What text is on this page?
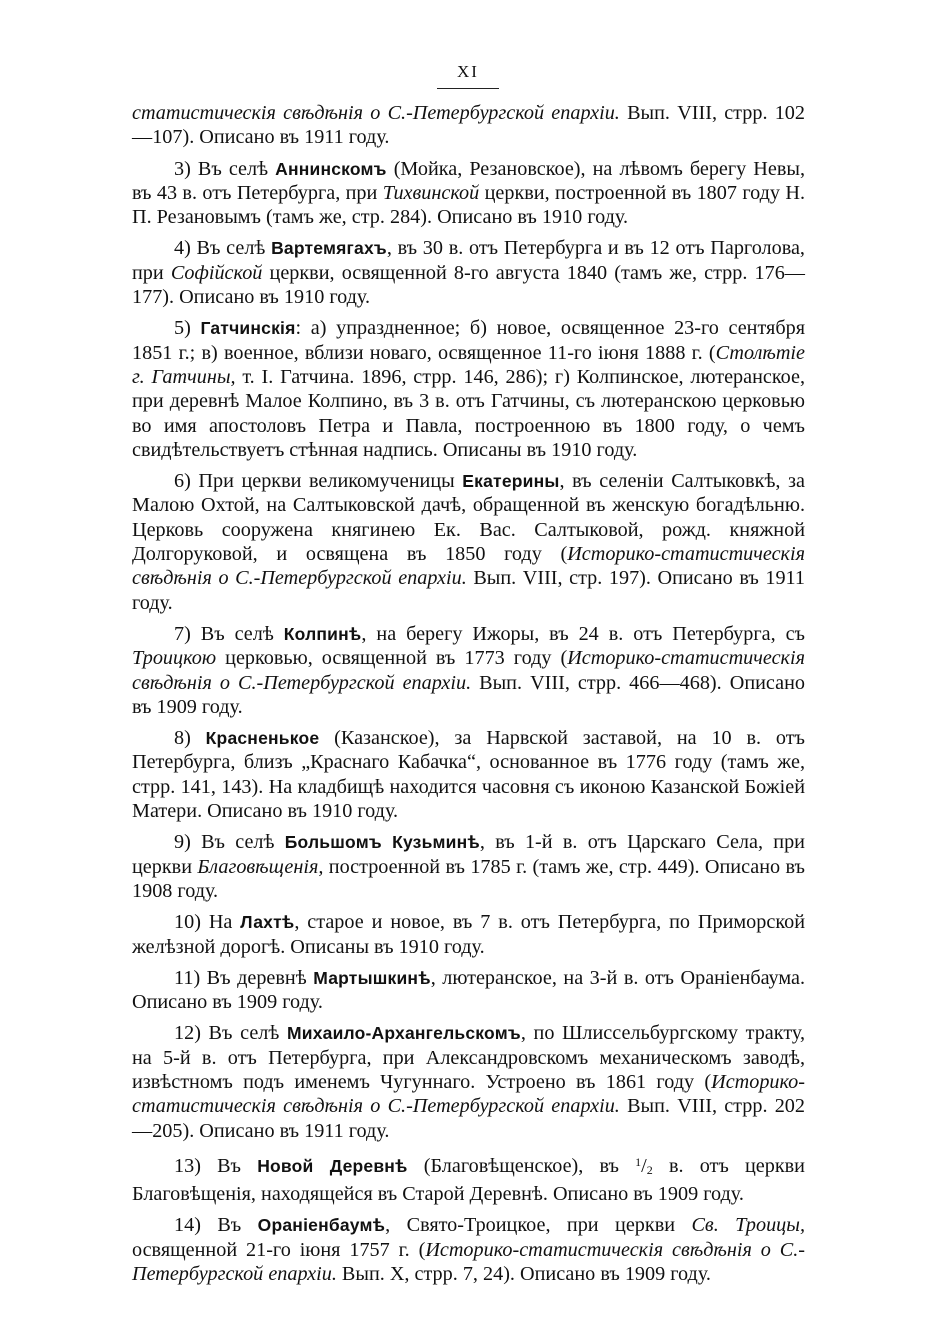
XI

статистическія свѣдѣнія о С.-Петербургской епархіи. Вып. VIII, стрр. 102—107). Описано въ 1911 году.

3) Въ селѣ Аннинскомъ (Мойка, Резановское), на лѣвомъ берегу Невы, въ 43 в. отъ Петербурга, при Тихвинской церкви, построенной въ 1807 году Н. П. Резановымъ (тамъ же, стр. 284). Описано въ 1910 году.

4) Въ селѣ Вартемягахъ, въ 30 в. отъ Петербурга и въ 12 отъ Парголова, при Софійской церкви, освященной 8-го августа 1840 (тамъ же, стрр. 176—177). Описано въ 1910 году.

5) Гатчинскія: а) упраздненное; б) новое, освященное 23-го сентября 1851 г.; в) военное, вблизи новаго, освященное 11-го іюня 1888 г. (Столѣтіе г. Гатчины, т. I. Гатчина. 1896, стрр. 146, 286); г) Колпинское, лютеранское, при деревнѣ Малое Колпино, въ 3 в. отъ Гатчины, съ лютеранскою церковью во имя апостоловъ Петра и Павла, построенною въ 1800 году, о чемъ свидѣтельствуетъ стѣнная надпись. Описаны въ 1910 году.

6) При церкви великомученицы Екатерины, въ селеніи Салтыковкѣ, за Малою Охтой, на Салтыковской дачѣ, обращенной въ женскую богадѣльню. Церковь сооружена княгинею Ек. Вас. Салтыковой, рожд. княжной Долгоруковой, и освящена въ 1850 году (Историко-статистическія свѣдѣнія о С.-Петербургской епархіи. Вып. VIII, стр. 197). Описано въ 1911 году.

7) Въ селѣ Колпинѣ, на берегу Ижоры, въ 24 в. отъ Петербурга, съ Троицкою церковью, освященной въ 1773 году (Историко-статистическія свѣдѣнія о С.-Петербургской епархіи. Вып. VIII, стрр. 466—468). Описано въ 1909 году.

8) Красненькое (Казанское), за Нарвской заставой, на 10 в. отъ Петербурга, близъ „Краснаго Кабачка“, основанное въ 1776 году (тамъ же, стрр. 141, 143). На кладбищѣ находится часовня съ иконою Казанской Божіей Матери. Описано въ 1910 году.

9) Въ селѣ Большомъ Кузьминѣ, въ 1-й в. отъ Царскаго Села, при церкви Благовѣщенія, построенной въ 1785 г. (тамъ же, стр. 449). Описано въ 1908 году.

10) На Лахтѣ, старое и новое, въ 7 в. отъ Петербурга, по Приморской желѣзной дорогѣ. Описаны въ 1910 году.

11) Въ деревнѣ Мартышкинѣ, лютеранское, на 3-й в. отъ Ораніенбаума. Описано въ 1909 году.

12) Въ селѣ Михаило-Архангельскомъ, по Шлиссельбургскому тракту, на 5-й в. отъ Петербурга, при Александровскомъ механическомъ заводѣ, извѣстномъ подъ именемъ Чугуннаго. Устроено въ 1861 году (Историко-статистическія свѣдѣнія о С.-Петербургской епархіи. Вып. VIII, стрр. 202—205). Описано въ 1911 году.

13) Въ Новой Деревнѣ (Благовѣщенское), въ $^1/_2$ в. отъ церкви Благовѣщенія, находящейся въ Старой Деревнѣ. Описано въ 1909 году.

14) Въ Ораніенбаумѣ, Свято-Троицкое, при церкви Св. Троицы, освященной 21-го іюня 1757 г. (Историко-статистическія свѣдѣнія о С.-Петербургской епархіи. Вып. X, стрр. 7, 24). Описано въ 1909 году.
